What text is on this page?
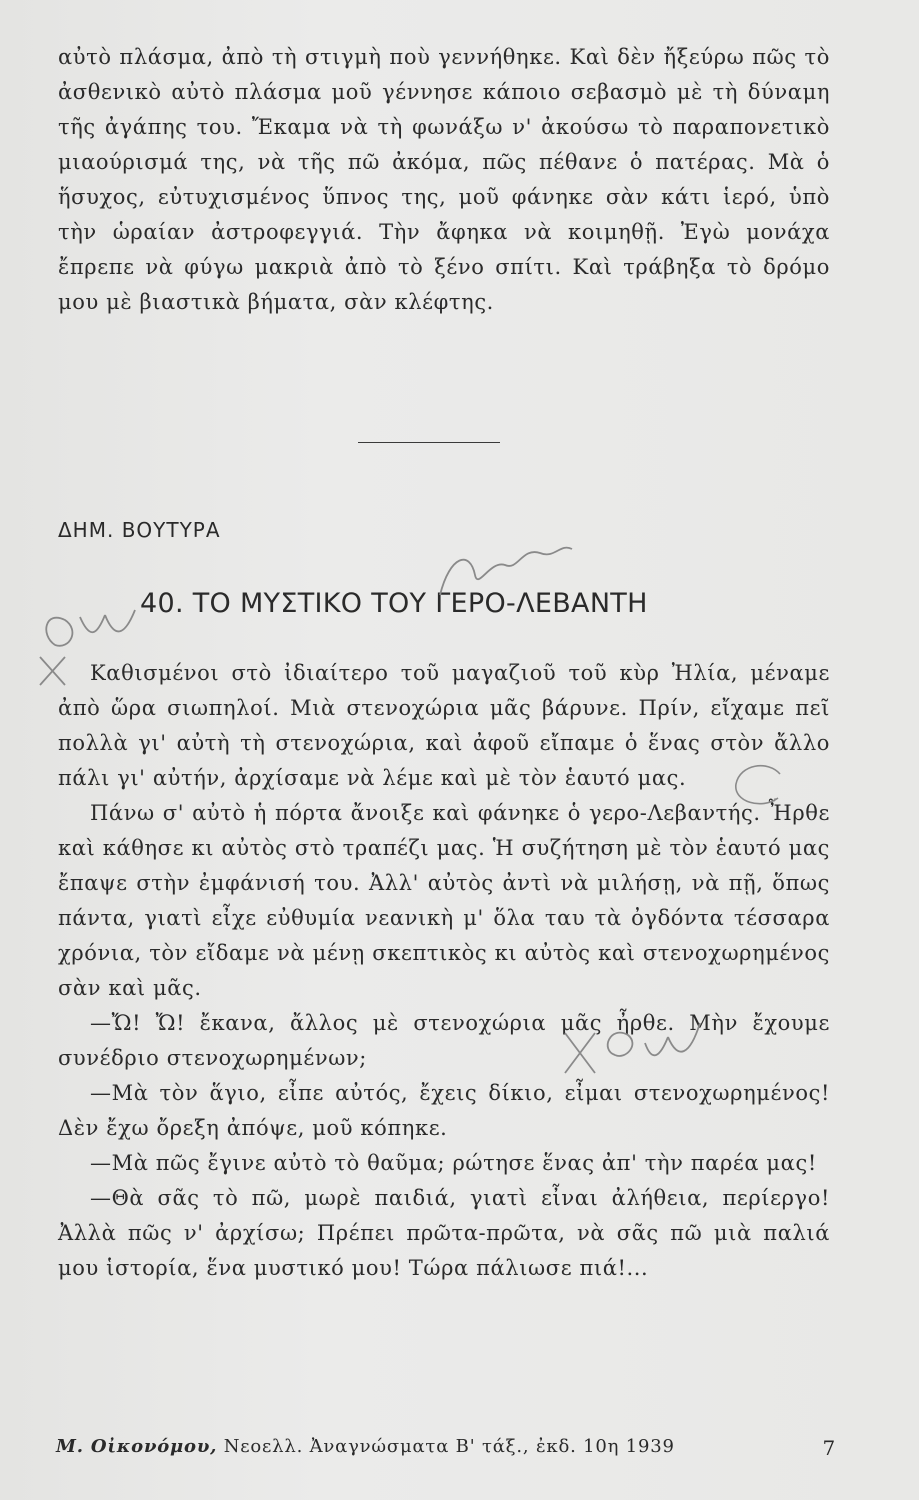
αὐτὸ πλάσμα, ἀπὸ τὴ στιγμὴ ποὺ γεννήθηκε. Καὶ δὲν ἤξεύρω πῶς τὸ ἀσθενικὸ αὐτὸ πλάσμα μοῦ γέννησε κάποιο σεβασμὸ μὲ τὴ δύναμη τῆς ἀγάπης του. Ἔκαμα νὰ τὴ φωνάξω ν' ἀκούσω τὸ παραπονετικὸ μιαούρισμά της, νὰ τῆς πῶ ἀκόμα, πῶς πέθανε ὁ πατέρας. Μὰ ὁ ἥσυχος, εὐτυχισμένος ὕπνος της, μοῦ φάνηκε σὰν κάτι ἱερό, ὑπὸ τὴν ὡραίαν ἀστροφεγγιά. Τὴν ἄφηκα νὰ κοιμηθῇ. Ἐγὼ μονάχα ἔπρεπε νὰ φύγω μακριὰ ἀπὸ τὸ ξένο σπίτι. Καὶ τράβηξα τὸ δρόμο μου μὲ βιαστικὰ βήματα, σὰν κλέφτης.
ΔΗΜ. ΒΟΥΤΥΡΑ
40. ΤΟ ΜΥΣΤΙΚΟ ΤΟΥ ΓΕΡΟ-ΛΕΒΑΝΤΗ

Καθισμένοι στὸ ἰδιαίτερο τοῦ μαγαζιοῦ τοῦ κὺρ Ἠλία, μέναμε ἀπὸ ὥρα σιωπηλοί. Μιὰ στενοχώρια μᾶς βάρυνε. Πρίν, εἴχαμε πεῖ πολλὰ γι' αὐτὴ τὴ στενοχώρια, καὶ ἀφοῦ εἴπαμε ὁ ἕνας στὸν ἄλλο πάλι γι' αὐτήν, ἀρχίσαμε νὰ λέμε καὶ μὲ τὸν ἑαυτό μας.

Πάνω σ' αὐτὸ ἡ πόρτα ἄνοιξε καὶ φάνηκε ὁ γερο-Λεβαντής. Ἦρθε καὶ κάθησε κι αὐτὸς στὸ τραπέζι μας. Ἡ συζήτηση μὲ τὸν ἑαυτό μας ἔπαψε στὴν ἐμφάνισή του. Ἀλλ' αὐτὸς ἀντὶ νὰ μιλήσῃ, νὰ πῇ, ὅπως πάντα, γιατὶ εἶχε εὐθυμία νεανικὴ μ' ὅλα ταυ τὰ ὀγδόντα τέσσαρα χρόνια, τὸν εἴδαμε νὰ μένῃ σκεπτικὸς κι αὐτὸς καὶ στενοχωρημένος σὰν καὶ μᾶς.

—Ὤ! Ὤ! ἔκανα, ἄλλος μὲ στενοχώρια μᾶς ἦρθε. Μὴν ἔχουμε συνέδριο στενοχωρημένων;

—Μὰ τὸν ἅγιο, εἶπε αὐτός, ἔχεις δίκιο, εἶμαι στενοχωρημένος! Δὲν ἔχω ὄρεξη ἀπόψε, μοῦ κόπηκε.

—Μὰ πῶς ἔγινε αὐτὸ τὸ θαῦμα; ρώτησε ἕνας ἀπ' τὴν παρέα μας!

—Θὰ σᾶς τὸ πῶ, μωρὲ παιδιά, γιατὶ εἶναι ἀλήθεια, περίεργο! Ἀλλὰ πῶς ν' ἀρχίσω; Πρέπει πρῶτα-πρῶτα, νὰ σᾶς πῶ μιὰ παλιά μου ἱστορία, ἕνα μυστικό μου! Τώρα πάλιωσε πιά!...

Μ. Οἰκονόμου, Νεοελλ. Ἀναγνώσματα Β' τάξ., ἐκδ. 10η 1939	7
